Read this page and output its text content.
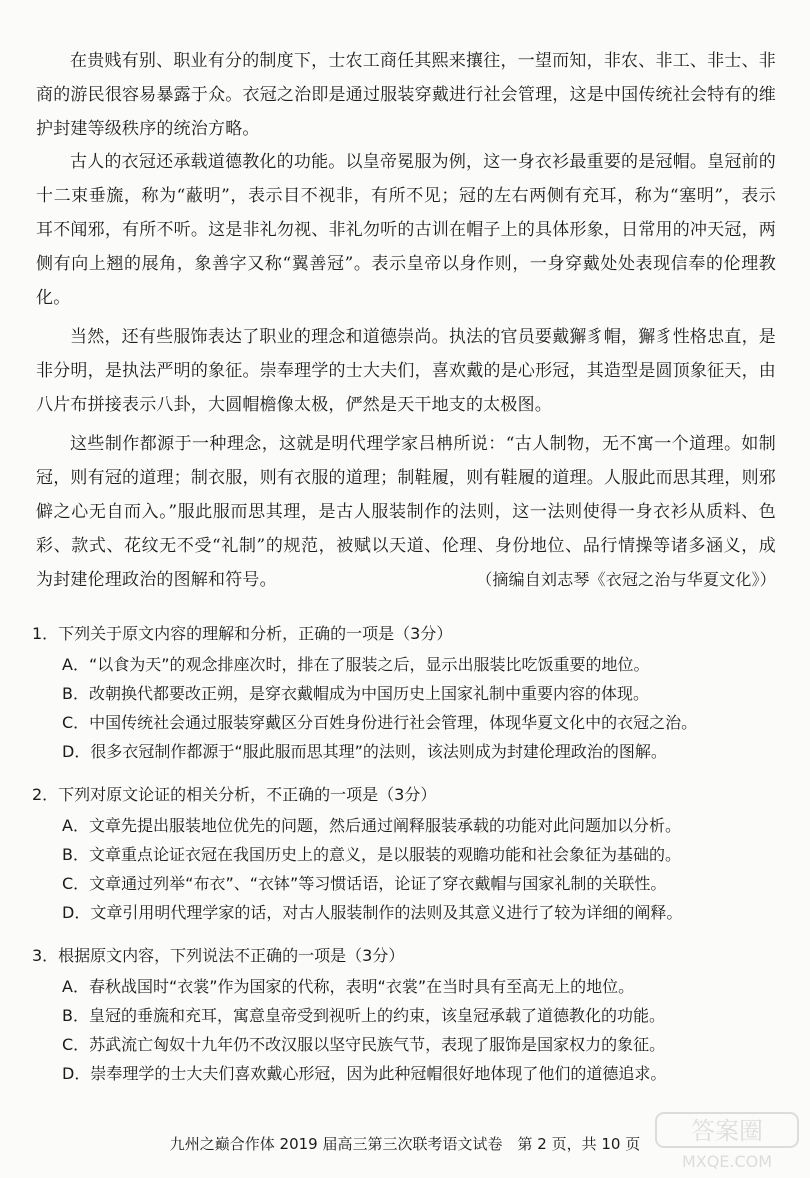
在贵贱有别、职业有分的制度下，士农工商任其熙来攘往，一望而知，非农、非工、非士、非商的游民很容易暴露于众。衣冠之治即是通过服装穿戴进行社会管理，这是中国传统社会特有的维护封建等级秩序的统治方略。

古人的衣冠还承载道德教化的功能。以皇帝冕服为例，这一身衣衫最重要的是冠帽。皇冠前的十二束垂旒，称为“蔽明”，表示目不视非，有所不见；冠的左右两侧有充耳，称为“塞明”，表示耳不闻邪，有所不听。这是非礼勿视、非礼勿听的古训在帽子上的具体形象，日常用的冲天冠，两侧有向上翘的展角，象善字又称“翼善冠”。表示皇帝以身作则，一身穿戴处处表现信奉的伦理教化。

当然，还有些服饰表达了职业的理念和道德崇尚。执法的官员要戴獬豸帽，獬豸性格忠直，是非分明，是执法严明的象征。崇奉理学的士大夫们，喜欢戴的是心形冠，其造型是圆顶象征天，由八片布拼接表示八卦，大圆帽檐像太极，俨然是天干地支的太极图。

这些制作都源于一种理念，这就是明代理学家吕柟所说：“古人制物，无不寓一个道理。如制冠，则有冠的道理；制衣服，则有衣服的道理；制鞋履，则有鞋履的道理。人服此而思其理，则邪僻之心无自而入。”服此服而思其理，是古人服装制作的法则，这一法则使得一身衣衫从质料、色彩、款式、花纹无不受“礼制”的规范，被赋以天道、伦理、身份地位、品行情操等诸多涵义，成为封建伦理政治的图解和符号。	（摘编自刘志琴《衣冠之治与华夏文化》）

1．下列关于原文内容的理解和分析，正确的一项是（3分）

A．“以食为天”的观念排座次时，排在了服装之后，显示出服装比吃饭重要的地位。

B．改朝换代都要改正朔，是穿衣戴帽成为中国历史上国家礼制中重要内容的体现。

C．中国传统社会通过服装穿戴区分百姓身份进行社会管理，体现华夏文化中的衣冠之治。

D．很多衣冠制作都源于“服此服而思其理”的法则，该法则成为封建伦理政治的图解。

2．下列对原文论证的相关分析，不正确的一项是（3分）

A．文章先提出服装地位优先的问题，然后通过阐释服装承载的功能对此问题加以分析。

B．文章重点论证衣冠在我国历史上的意义，是以服装的观瞻功能和社会象征为基础的。

C．文章通过列举“布衣”、“衣钵”等习惯话语，论证了穿衣戴帽与国家礼制的关联性。

D．文章引用明代理学家的话，对古人服装制作的法则及其意义进行了较为详细的阐释。

3．根据原文内容，下列说法不正确的一项是（3分）

A．春秋战国时“衣裳”作为国家的代称，表明“衣裳”在当时具有至高无上的地位。

B．皇冠的垂旒和充耳，寓意皇帝受到视听上的约束，该皇冠承载了道德教化的功能。

C．苏武流亡匈奴十九年仍不改汉服以坚守民族气节，表现了服饰是国家权力的象征。

D．崇奉理学的士大夫们喜欢戴心形冠，因为此种冠帽很好地体现了他们的道德追求。

九州之巅合作体 2019 届高三第三次联考语文试卷　第 2 页，共 10 页	答案圈
MXQE.COM
